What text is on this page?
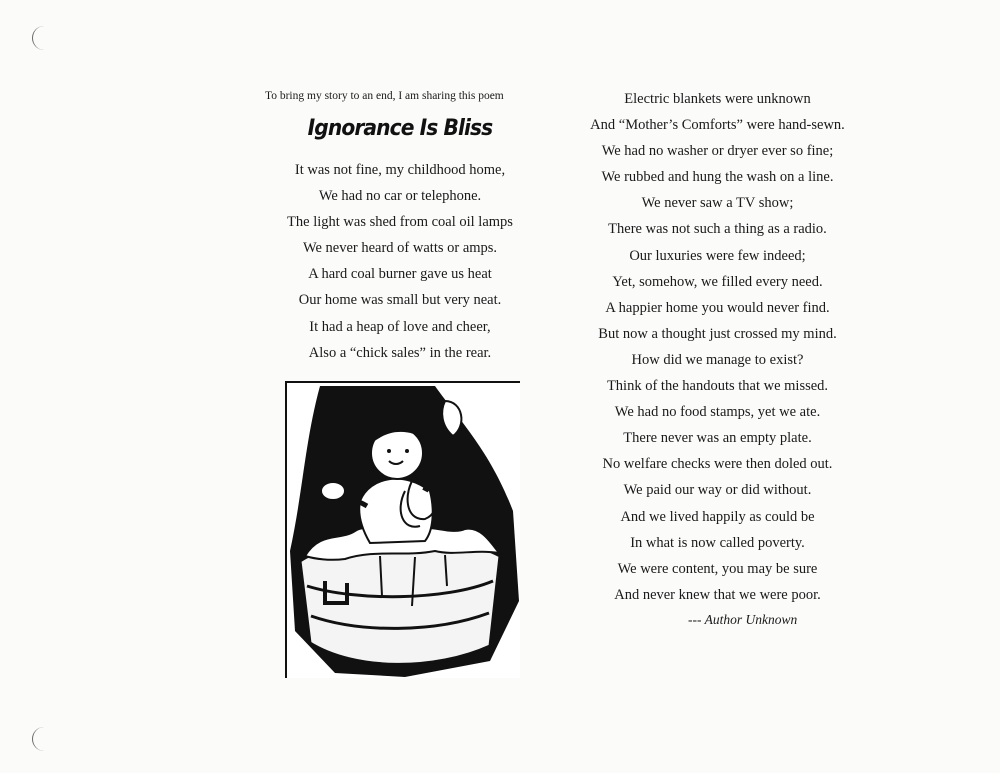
To bring my story to an end, I am sharing this poem
Ignorance Is Bliss
It was not fine, my childhood home,
We had no car or telephone.
The light was shed from coal oil lamps
We never heard of watts or amps.
A hard coal burner gave us heat
Our home was small but very neat.
It had a heap of love and cheer,
Also a “chick sales” in the rear.
Electric blankets were unknown
And “Mother’s Comforts” were hand-sewn.
We had no washer or dryer ever so fine;
We rubbed and hung the wash on a line.
We never saw a TV show;
There was not such a thing as a radio.
Our luxuries were few indeed;
Yet, somehow, we filled every need.
A happier home you would never find.
But now a thought just crossed my mind.
How did we manage to exist?
Think of the handouts that we missed.
We had no food stamps, yet we ate.
There never was an empty plate.
No welfare checks were then doled out.
We paid our way or did without.
And we lived happily as could be
In what is now called poverty.
We were content, you may be sure
And never knew that we were poor.
--- Author Unknown
